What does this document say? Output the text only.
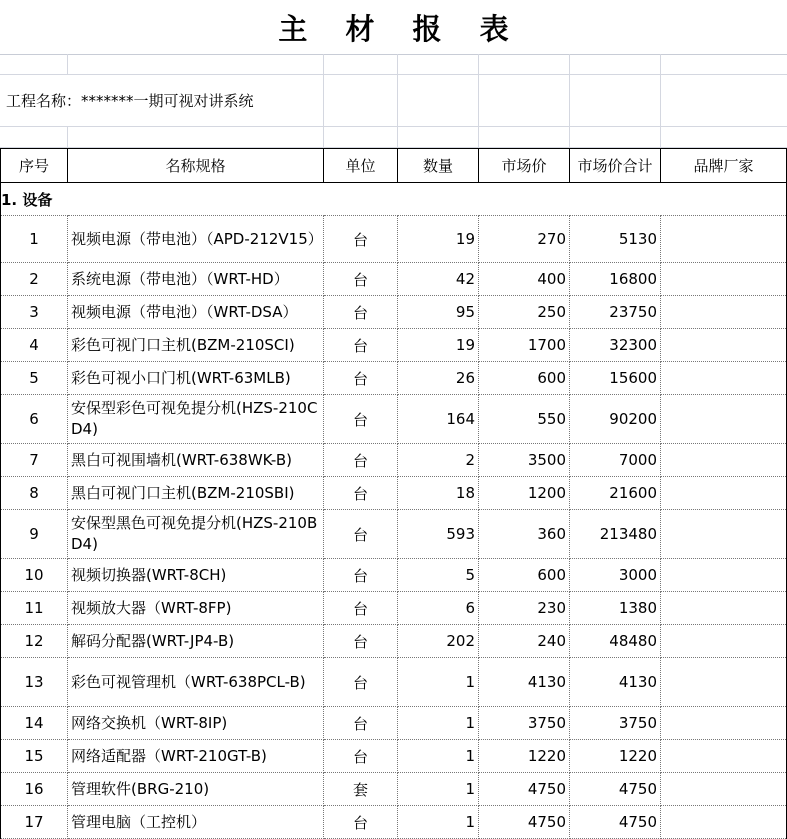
主 材 报 表
工程名称：*******一期可视对讲系统
序号	名称规格	单位	数量	市场价	市场价合计	品牌厂家
1. 设备						
1	视频电源（带电池）（APD-212V15）	台	19	270	5130	
2	系统电源（带电池）（WRT-HD）	台	42	400	16800	
3	视频电源（带电池）（WRT-DSA）	台	95	250	23750	
4	彩色可视门口主机(BZM-210SCI)	台	19	1700	32300	
5	彩色可视小口门机(WRT-63MLB)	台	26	600	15600	
6	安保型彩色可视免提分机(HZS-210CD4)	台	164	550	90200	
7	黑白可视围墙机(WRT-638WK-B)	台	2	3500	7000	
8	黑白可视门口主机(BZM-210SBI)	台	18	1200	21600	
9	安保型黑色可视免提分机(HZS-210BD4)	台	593	360	213480	
10	视频切换器(WRT-8CH)	台	5	600	3000	
11	视频放大器（WRT-8FP)	台	6	230	1380	
12	解码分配器(WRT-JP4-B)	台	202	240	48480	
13	彩色可视管理机（WRT-638PCL-B)	台	1	4130	4130	
14	网络交换机（WRT-8IP)	台	1	3750	3750	
15	网络适配器（WRT-210GT-B)	台	1	1220	1220	
16	管理软件(BRG-210)	套	1	4750	4750	
17	管理电脑（工控机）	台	1	4750	4750	
